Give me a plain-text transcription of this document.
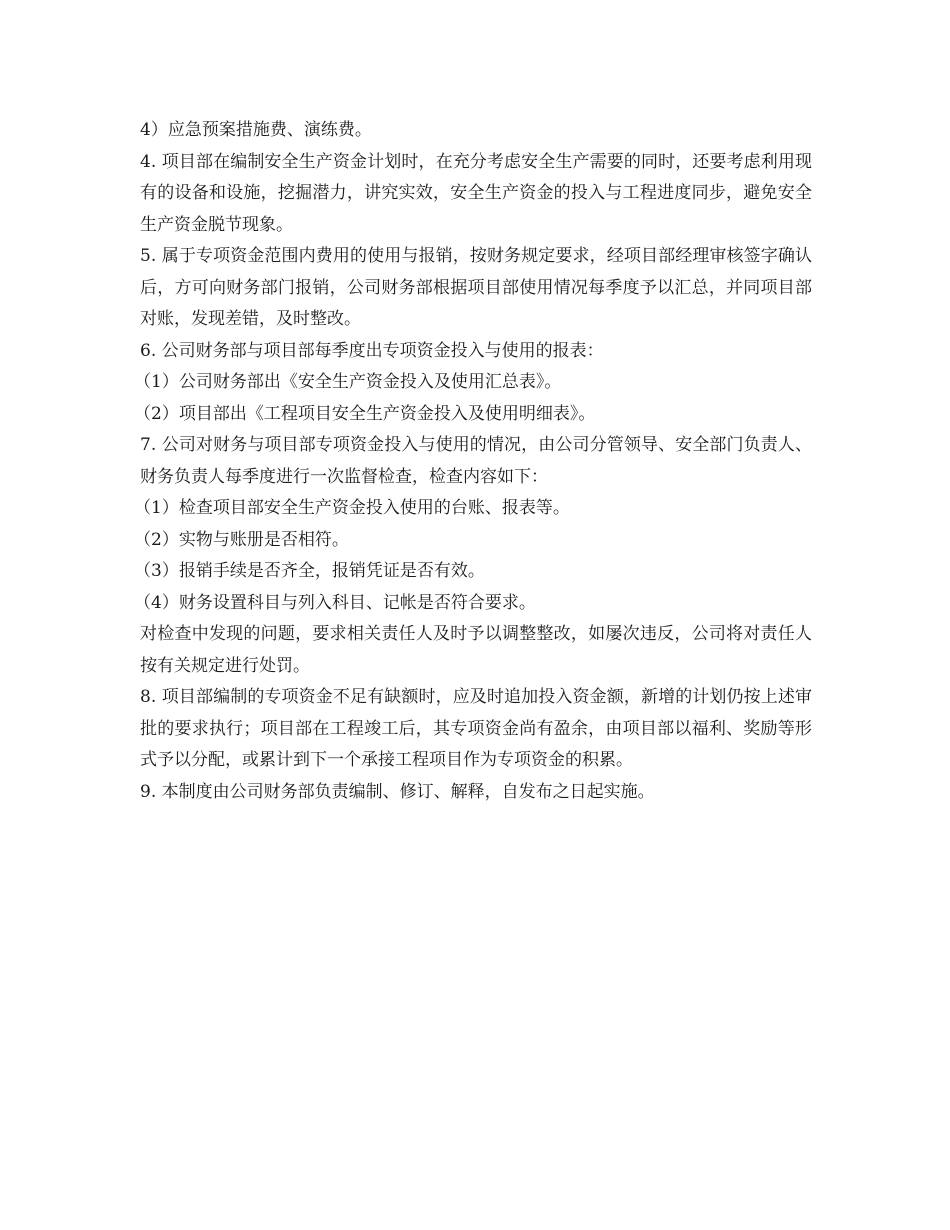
4）应急预案措施费、演练费。

4. 项目部在编制安全生产资金计划时，在充分考虑安全生产需要的同时，还要考虑利用现有的设备和设施，挖掘潜力，讲究实效，安全生产资金的投入与工程进度同步，避免安全生产资金脱节现象。

5. 属于专项资金范围内费用的使用与报销，按财务规定要求，经项目部经理审核签字确认后，方可向财务部门报销，公司财务部根据项目部使用情况每季度予以汇总，并同项目部对账，发现差错，及时整改。

6. 公司财务部与项目部每季度出专项资金投入与使用的报表：

（1）公司财务部出《安全生产资金投入及使用汇总表》。

（2）项目部出《工程项目安全生产资金投入及使用明细表》。

7. 公司对财务与项目部专项资金投入与使用的情况，由公司分管领导、安全部门负责人、财务负责人每季度进行一次监督检查，检查内容如下：

（1）检查项目部安全生产资金投入使用的台账、报表等。

（2）实物与账册是否相符。

（3）报销手续是否齐全，报销凭证是否有效。

（4）财务设置科目与列入科目、记帐是否符合要求。

对检查中发现的问题，要求相关责任人及时予以调整整改，如屡次违反，公司将对责任人按有关规定进行处罚。

8. 项目部编制的专项资金不足有缺额时，应及时追加投入资金额，新增的计划仍按上述审批的要求执行；项目部在工程竣工后，其专项资金尚有盈余，由项目部以福利、奖励等形式予以分配，或累计到下一个承接工程项目作为专项资金的积累。

9. 本制度由公司财务部负责编制、修订、解释，自发布之日起实施。
